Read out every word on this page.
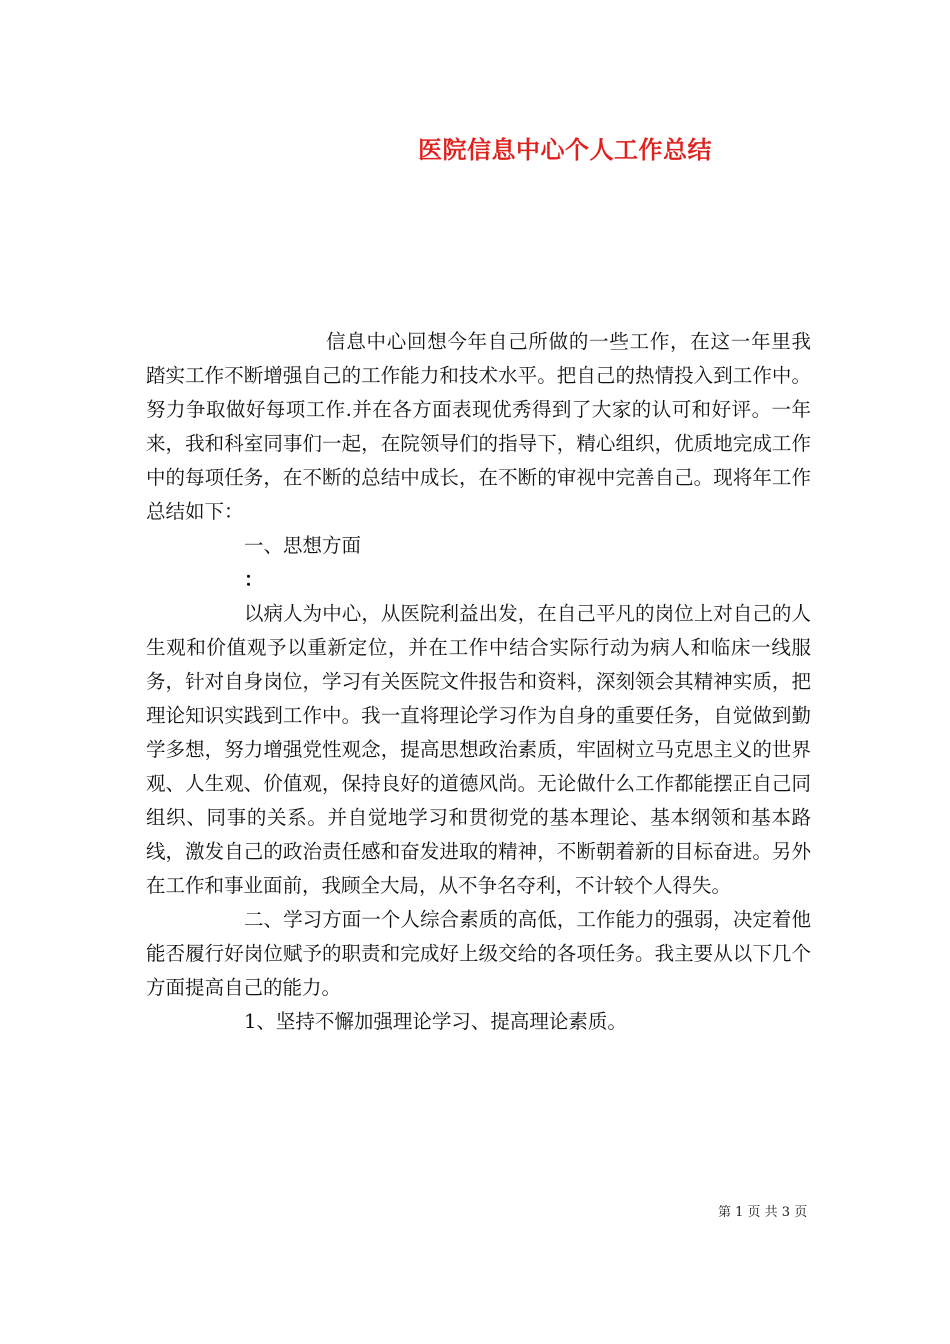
医院信息中心个人工作总结

信息中心回想今年自己所做的一些工作，在这一年里我踏实工作不断增强自己的工作能力和技术水平。把自己的热情投入到工作中。努力争取做好每项工作.并在各方面表现优秀得到了大家的认可和好评。一年来，我和科室同事们一起，在院领导们的指导下，精心组织，优质地完成工作中的每项任务，在不断的总结中成长，在不断的审视中完善自己。现将年工作总结如下：

一、思想方面

：

以病人为中心，从医院利益出发，在自己平凡的岗位上对自己的人生观和价值观予以重新定位，并在工作中结合实际行动为病人和临床一线服务，针对自身岗位，学习有关医院文件报告和资料，深刻领会其精神实质，把理论知识实践到工作中。我一直将理论学习作为自身的重要任务，自觉做到勤学多想，努力增强党性观念，提高思想政治素质，牢固树立马克思主义的世界观、人生观、价值观，保持良好的道德风尚。无论做什么工作都能摆正自己同组织、同事的关系。并自觉地学习和贯彻党的基本理论、基本纲领和基本路线，激发自己的政治责任感和奋发进取的精神，不断朝着新的目标奋进。另外在工作和事业面前，我顾全大局，从不争名夺利，不计较个人得失。

二、学习方面一个人综合素质的高低，工作能力的强弱，决定着他能否履行好岗位赋予的职责和完成好上级交给的各项任务。我主要从以下几个方面提高自己的能力。

1、坚持不懈加强理论学习、提高理论素质。

第 1 页 共 3 页
